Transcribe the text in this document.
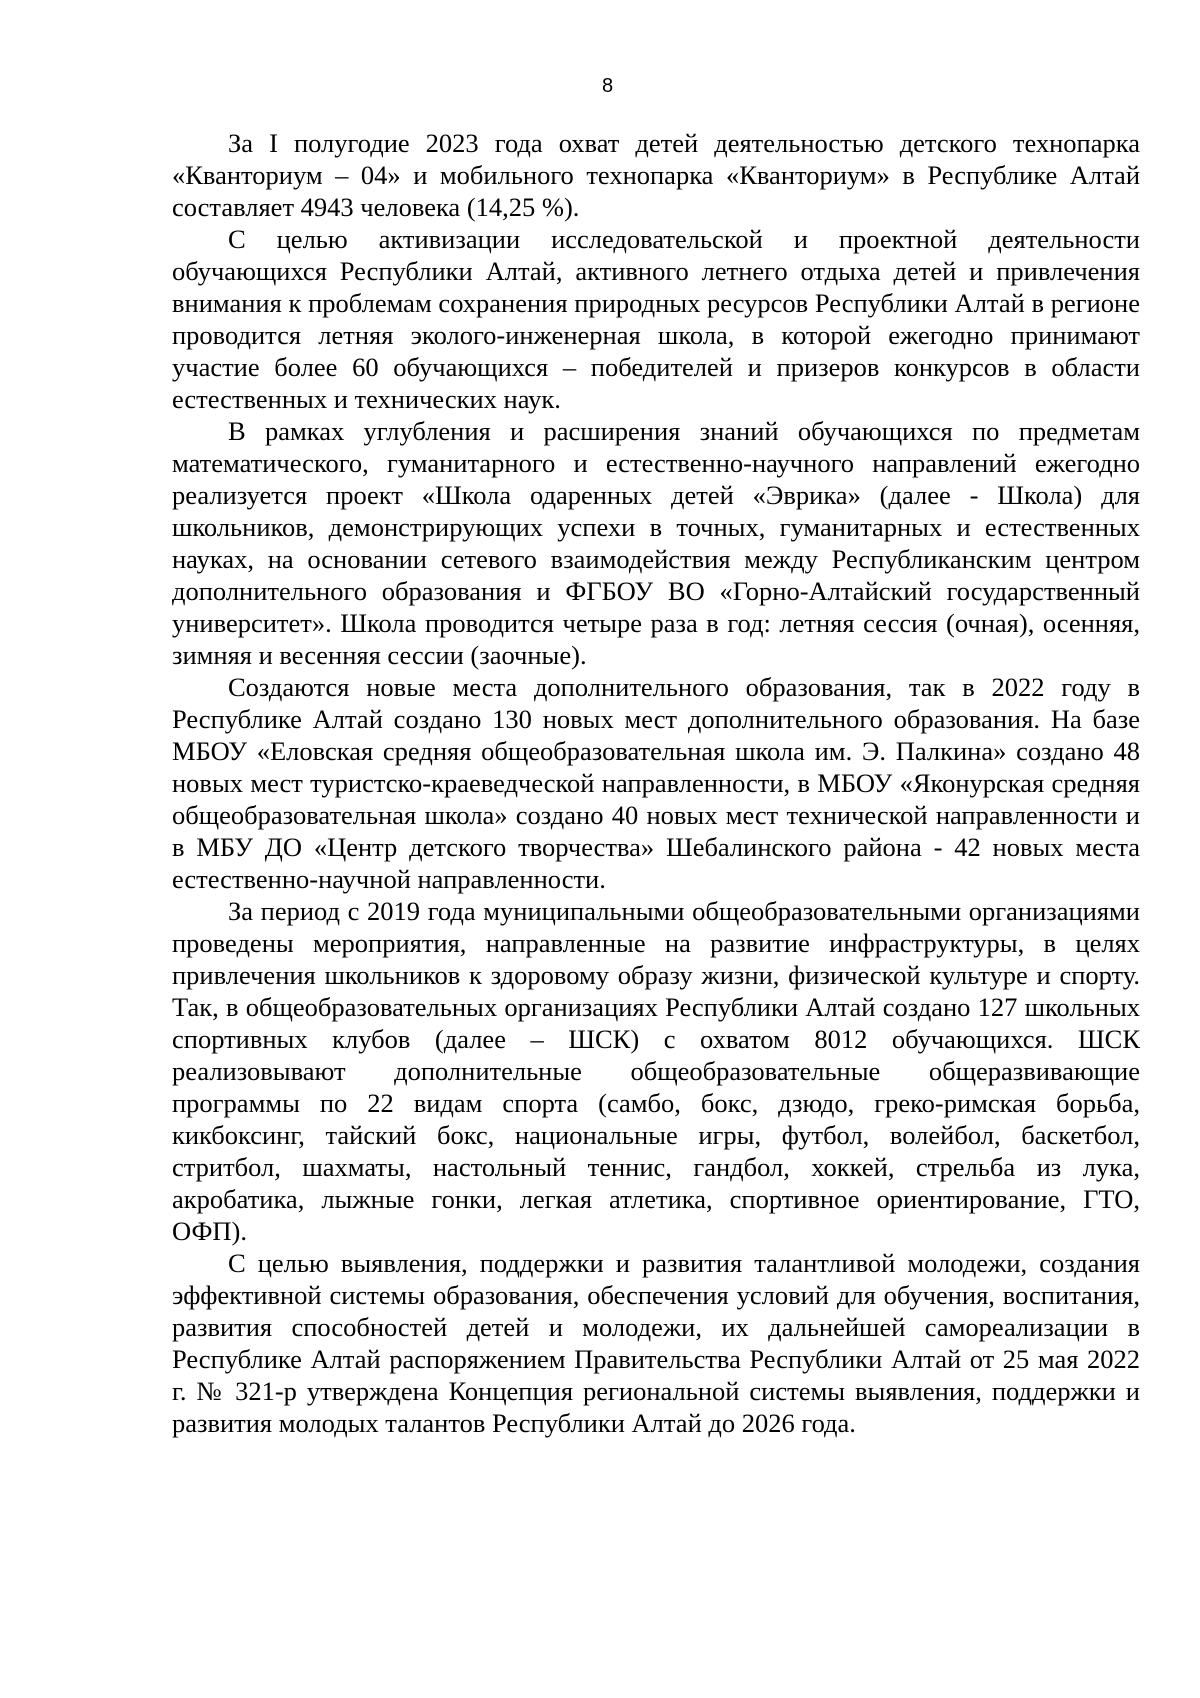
8

За I полугодие 2023 года охват детей деятельностью детского технопарка «Кванториум – 04» и мобильного технопарка «Кванториум» в Республике Алтай составляет 4943 человека (14,25 %).

С целью активизации исследовательской и проектной деятельности обучающихся Республики Алтай, активного летнего отдыха детей и привлечения внимания к проблемам сохранения природных ресурсов Республики Алтай в регионе проводится летняя эколого-инженерная школа, в которой ежегодно принимают участие более 60 обучающихся – победителей и призеров конкурсов в области естественных и технических наук.

В рамках углубления и расширения знаний обучающихся по предметам математического, гуманитарного и естественно-научного направлений ежегодно реализуется проект «Школа одаренных детей «Эврика» (далее - Школа) для школьников, демонстрирующих успехи в точных, гуманитарных и естественных науках, на основании сетевого взаимодействия между Республиканским центром дополнительного образования и ФГБОУ ВО «Горно-Алтайский государственный университет». Школа проводится четыре раза в год: летняя сессия (очная), осенняя, зимняя и весенняя сессии (заочные).

Создаются новые места дополнительного образования, так в 2022 году в Республике Алтай создано 130 новых мест дополнительного образования. На базе МБОУ «Еловская средняя общеобразовательная школа им. Э. Палкина» создано 48 новых мест туристско-краеведческой направленности, в МБОУ «Яконурская средняя общеобразовательная школа» создано 40 новых мест технической направленности и в МБУ ДО «Центр детского творчества» Шебалинского района - 42 новых места естественно-научной направленности.

За период с 2019 года муниципальными общеобразовательными организациями проведены мероприятия, направленные на развитие инфраструктуры, в целях привлечения школьников к здоровому образу жизни, физической культуре и спорту. Так, в общеобразовательных организациях Республики Алтай создано 127 школьных спортивных клубов (далее – ШСК) с охватом 8012 обучающихся. ШСК реализовывают дополнительные общеобразовательные общеразвивающие программы по 22 видам спорта (самбо, бокс, дзюдо, греко-римская борьба, кикбоксинг, тайский бокс, национальные игры, футбол, волейбол, баскетбол, стритбол, шахматы, настольный теннис, гандбол, хоккей, стрельба из лука, акробатика, лыжные гонки, легкая атлетика, спортивное ориентирование, ГТО, ОФП).

С целью выявления, поддержки и развития талантливой молодежи, создания эффективной системы образования, обеспечения условий для обучения, воспитания, развития способностей детей и молодежи, их дальнейшей самореализации в Республике Алтай распоряжением Правительства Республики Алтай от 25 мая 2022 г. № 321-р утверждена Концепция региональной системы выявления, поддержки и развития молодых талантов Республики Алтай до 2026 года.
